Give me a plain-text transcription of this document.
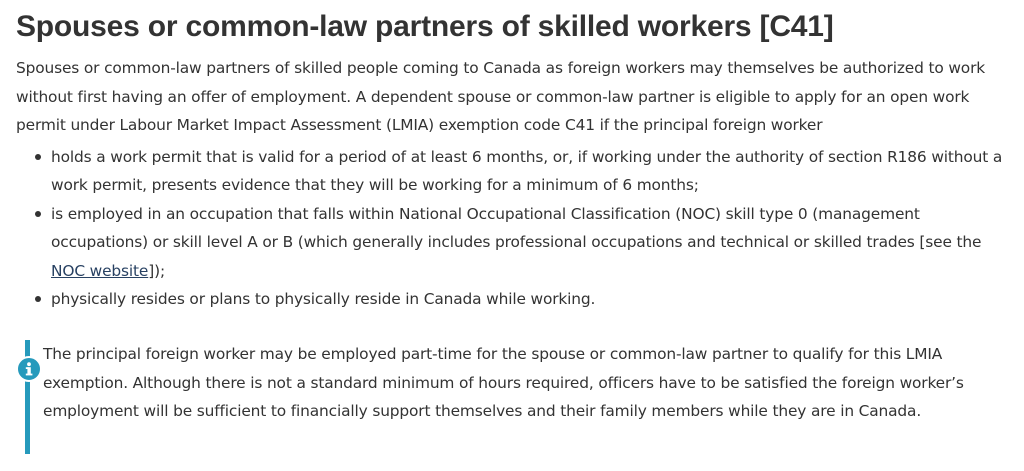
Spouses or common-law partners of skilled workers [C41]

Spouses or common-law partners of skilled people coming to Canada as foreign workers may themselves be authorized to work without first having an offer of employment. A dependent spouse or common-law partner is eligible to apply for an open work permit under Labour Market Impact Assessment (LMIA) exemption code C41 if the principal foreign worker

holds a work permit that is valid for a period of at least 6 months, or, if working under the authority of section R186 without a work permit, presents evidence that they will be working for a minimum of 6 months;
is employed in an occupation that falls within National Occupational Classification (NOC) skill type 0 (management occupations) or skill level A or B (which generally includes professional occupations and technical or skilled trades [see the NOC website]);
physically resides or plans to physically reside in Canada while working.

The principal foreign worker may be employed part-time for the spouse or common-law partner to qualify for this LMIA exemption. Although there is not a standard minimum of hours required, officers have to be satisfied the foreign worker’s employment will be sufficient to financially support themselves and their family members while they are in Canada.
